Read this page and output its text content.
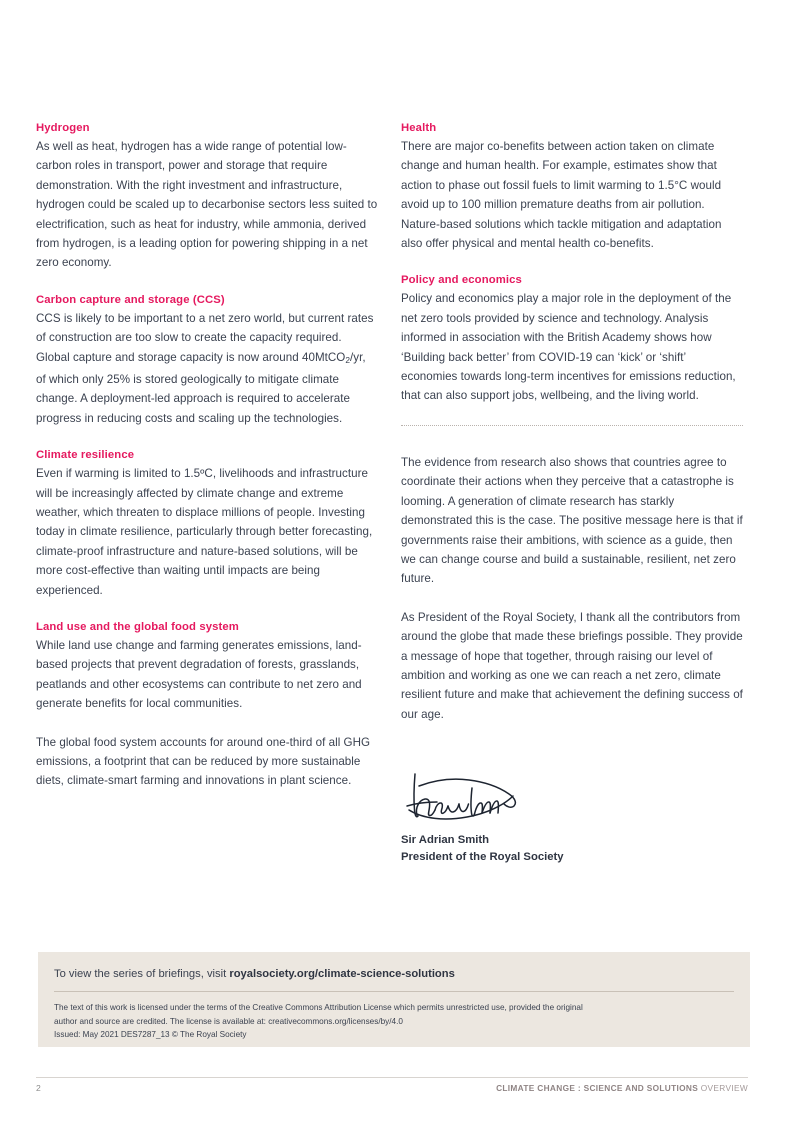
Hydrogen

As well as heat, hydrogen has a wide range of potential low-carbon roles in transport, power and storage that require demonstration. With the right investment and infrastructure, hydrogen could be scaled up to decarbonise sectors less suited to electrification, such as heat for industry, while ammonia, derived from hydrogen, is a leading option for powering shipping in a net zero economy.

Carbon capture and storage (CCS)

CCS is likely to be important to a net zero world, but current rates of construction are too slow to create the capacity required. Global capture and storage capacity is now around 40MtCO$_2$/yr, of which only 25% is stored geologically to mitigate climate change. A deployment-led approach is required to accelerate progress in reducing costs and scaling up the technologies.

Climate resilience

Even if warming is limited to 1.5ºC, livelihoods and infrastructure will be increasingly affected by climate change and extreme weather, which threaten to displace millions of people. Investing today in climate resilience, particularly through better forecasting, climate-proof infrastructure and nature-based solutions, will be more cost-effective than waiting until impacts are being experienced.

Land use and the global food system

While land use change and farming generates emissions, land-based projects that prevent degradation of forests, grasslands, peatlands and other ecosystems can contribute to net zero and generate benefits for local communities.

The global food system accounts for around one-third of all GHG emissions, a footprint that can be reduced by more sustainable diets, climate-smart farming and innovations in plant science.

Health

There are major co-benefits between action taken on climate change and human health. For example, estimates show that action to phase out fossil fuels to limit warming to 1.5°C would avoid up to 100 million premature deaths from air pollution. Nature-based solutions which tackle mitigation and adaptation also offer physical and mental health co-benefits.

Policy and economics

Policy and economics play a major role in the deployment of the net zero tools provided by science and technology. Analysis informed in association with the British Academy shows how ‘Building back better’ from COVID-19 can ‘kick’ or ‘shift’ economies towards long-term incentives for emissions reduction, that can also support jobs, wellbeing, and the living world.

The evidence from research also shows that countries agree to coordinate their actions when they perceive that a catastrophe is looming. A generation of climate research has starkly demonstrated this is the case. The positive message here is that if governments raise their ambitions, with science as a guide, then we can change course and build a sustainable, resilient, net zero future.

As President of the Royal Society, I thank all the contributors from around the globe that made these briefings possible. They provide a message of hope that together, through raising our level of ambition and working as one we can reach a net zero, climate resilient future and make that achievement the defining success of our age.

Sir Adrian Smith

President of the Royal Society

To view the series of briefings, visit royalsociety.org/climate-science-solutions

The text of this work is licensed under the terms of the Creative Commons Attribution License which permits unrestricted use, provided the original

author and source are credited. The license is available at: creativecommons.org/licenses/by/4.0

Issued: May 2021 DES7287_13 © The Royal Society

2	CLIMATE CHANGE : SCIENCE AND SOLUTIONS OVERVIEW
